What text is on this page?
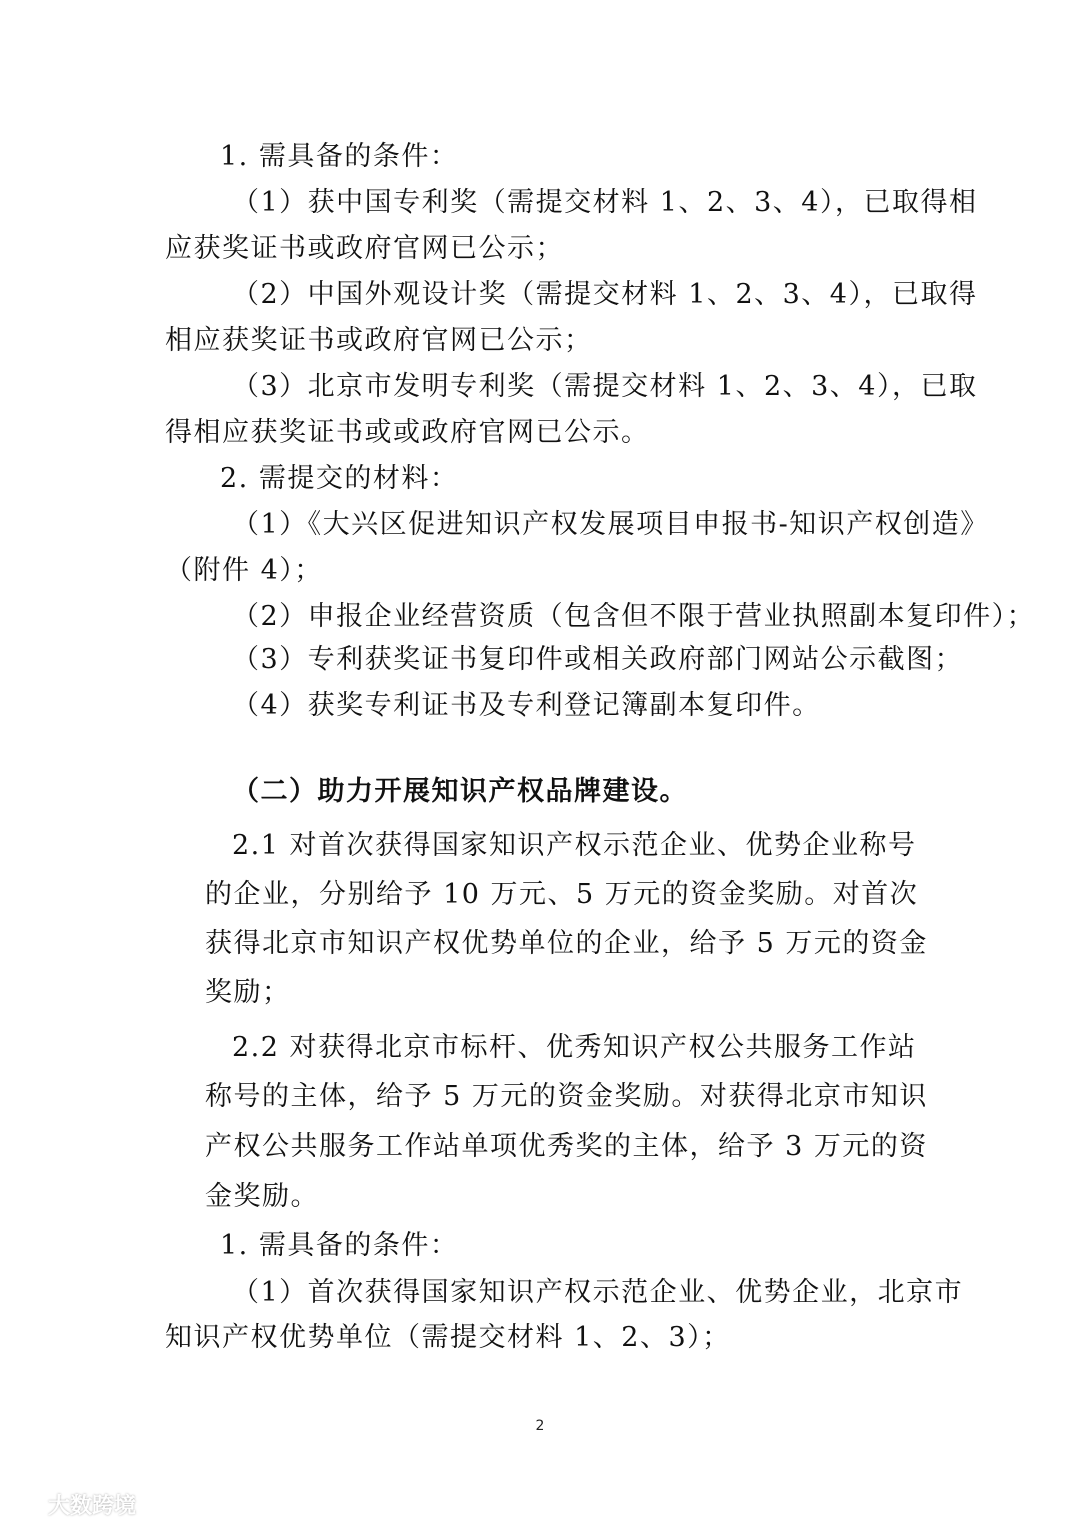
1. 需具备的条件：
（1）获中国专利奖（需提交材料 1、2、3、4），已取得相
应获奖证书或政府官网已公示；
（2）中国外观设计奖（需提交材料 1、2、3、4），已取得
相应获奖证书或政府官网已公示；
（3）北京市发明专利奖（需提交材料 1、2、3、4），已取
得相应获奖证书或或政府官网已公示。
2. 需提交的材料：
（1）《大兴区促进知识产权发展项目申报书-知识产权创造》
（附件 4）；
（2）申报企业经营资质（包含但不限于营业执照副本复印件）；
（3）专利获奖证书复印件或相关政府部门网站公示截图；
（4）获奖专利证书及专利登记簿副本复印件。
（二）助力开展知识产权品牌建设。
2.1 对首次获得国家知识产权示范企业、优势企业称号
的企业，分别给予 10 万元、5 万元的资金奖励。对首次
获得北京市知识产权优势单位的企业，给予 5 万元的资金
奖励；
2.2 对获得北京市标杆、优秀知识产权公共服务工作站
称号的主体，给予 5 万元的资金奖励。对获得北京市知识
产权公共服务工作站单项优秀奖的主体，给予 3 万元的资
金奖励。
1. 需具备的条件：
（1）首次获得国家知识产权示范企业、优势企业，北京市
知识产权优势单位（需提交材料 1、2、3）；
2
大数跨境
